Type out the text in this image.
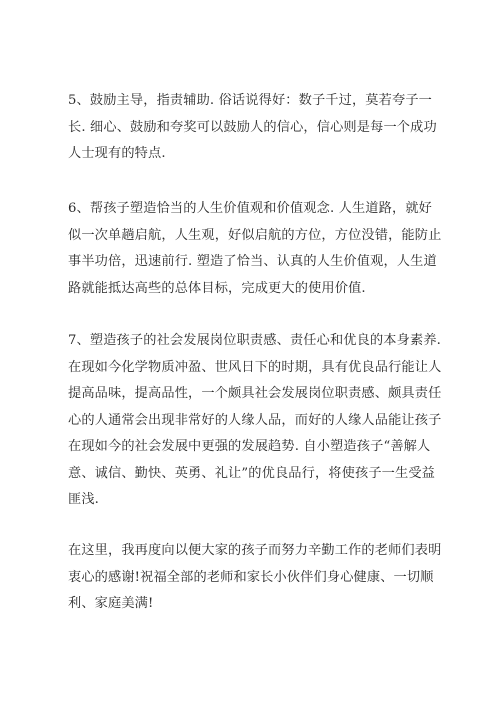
5、鼓励主导，指责辅助. 俗话说得好：数子千过，莫若夸子一
长. 细心、鼓励和夸奖可以鼓励人的信心，信心则是每一个成功
人士现有的特点.

6、帮孩子塑造恰当的人生价值观和价值观念. 人生道路，就好
似一次单趟启航，人生观，好似启航的方位，方位没错，能防止
事半功倍，迅速前行. 塑造了恰当、认真的人生价值观，人生道
路就能抵达高些的总体目标，完成更大的使用价值.

7、塑造孩子的社会发展岗位职责感、责任心和优良的本身素养.
在现如今化学物质冲盈、世风日下的时期，具有优良品行能让人
提高品味，提高品性，一个颇具社会发展岗位职责感、颇具责任
心的人通常会出现非常好的人缘人品，而好的人缘人品能让孩子
在现如今的社会发展中更强的发展趋势. 自小塑造孩子“善解人
意、诚信、勤快、英勇、礼让”的优良品行，将使孩子一生受益
匪浅.

在这里，我再度向以便大家的孩子而努力辛勤工作的老师们表明
衷心的感谢!祝福全部的老师和家长小伙伴们身心健康、一切顺
利、家庭美满!
